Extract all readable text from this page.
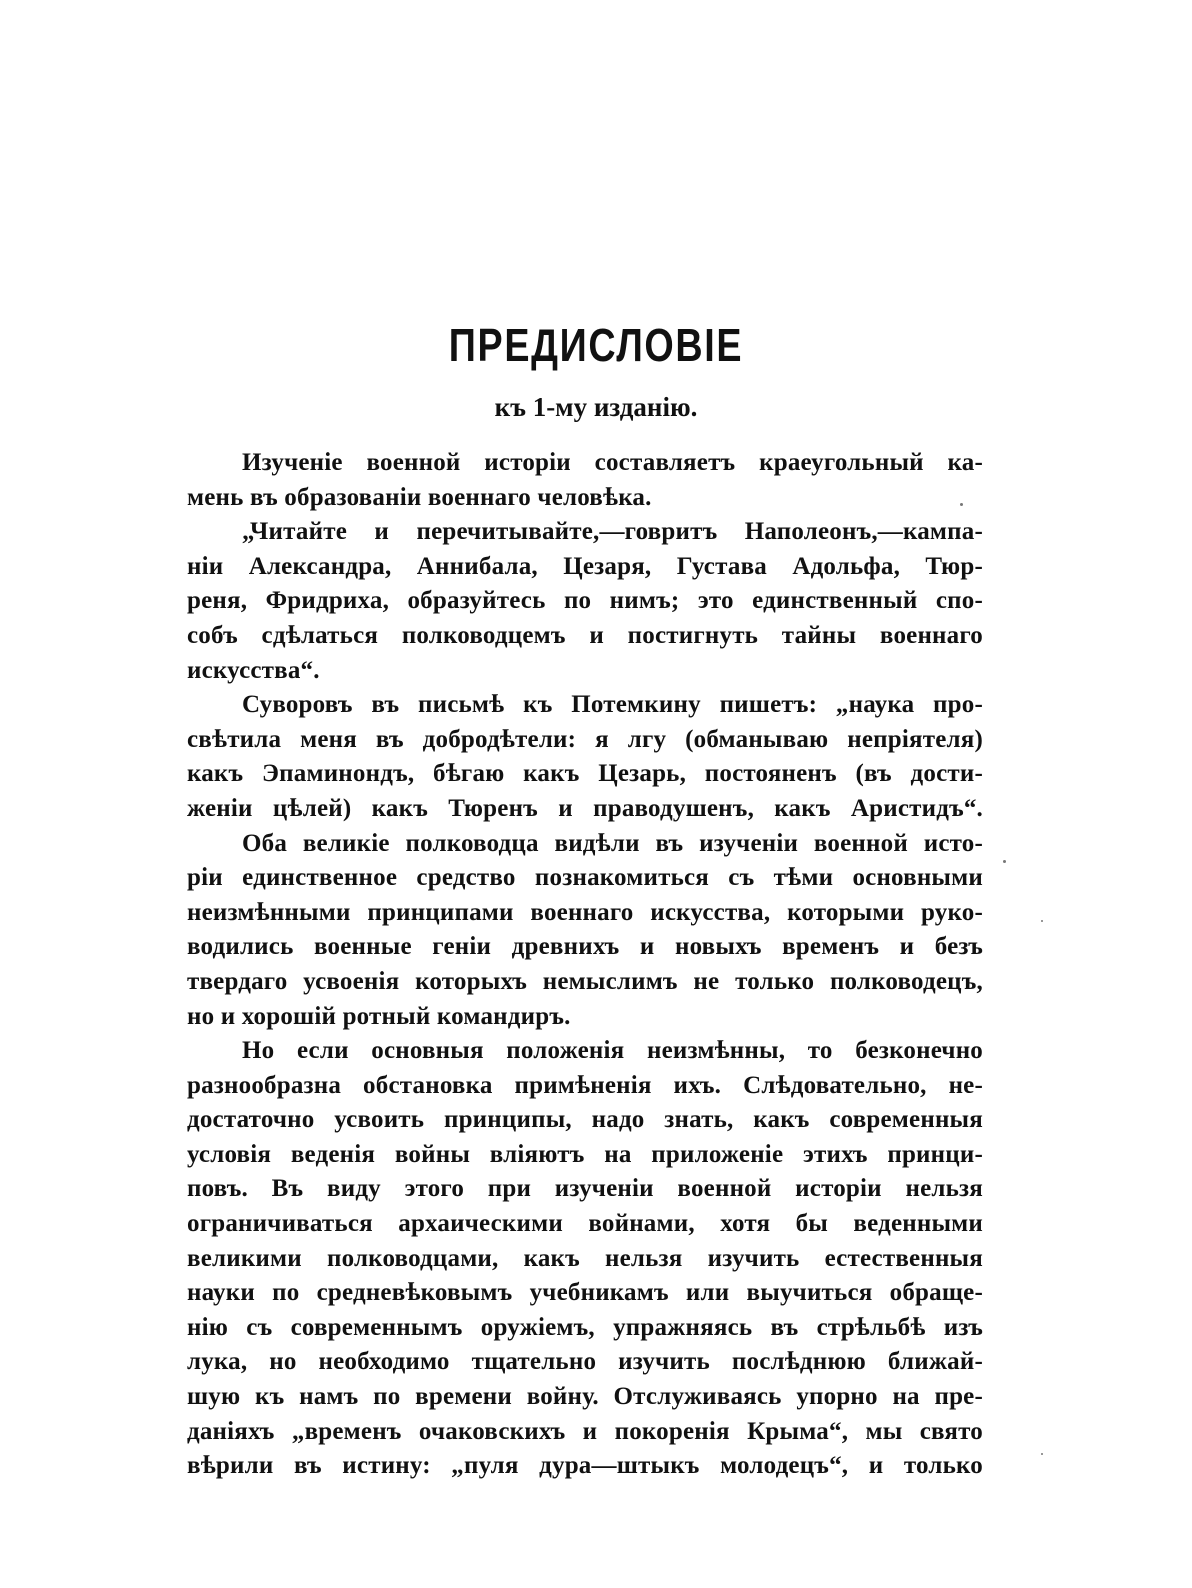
ПРЕДИСЛОВІЕ
къ 1-му изданію.
Изученіе военной исторіи составляетъ краеугольный ка-
мень въ образованіи военнаго человѣка.
„Читайте и перечитывайте,—говритъ Наполеонъ,—кампа-
ніи Александра, Аннибала, Цезаря, Густава Адольфа, Тюр-
реня, Фридриха, образуйтесь по нимъ; это единственный спо-
собъ сдѣлаться полководцемъ и постигнуть тайны военнаго
искусства“.
Суворовъ въ письмѣ къ Потемкину пишетъ: „наука про-
свѣтила меня въ добродѣтели: я лгу (обманываю непріятеля)
какъ Эпаминондъ, бѣгаю какъ Цезарь, постояненъ (въ дости-
женіи цѣлей) какъ Тюренъ и праводушенъ, какъ Аристидъ“.
Оба великіе полководца видѣли въ изученіи военной исто-
ріи единственное средство познакомиться съ тѣми основными
неизмѣнными принципами военнаго искусства, которыми руко-
водились военные геніи древнихъ и новыхъ временъ и безъ
твердаго усвоенія которыхъ немыслимъ не только полководецъ,
но и хорошій ротный командиръ.
Но если основныя положенія неизмѣнны, то безконечно
разнообразна обстановка примѣненія ихъ. Слѣдовательно, не-
достаточно усвоить принципы, надо знать, какъ современныя
условія веденія войны вліяютъ на приложеніе этихъ принци-
повъ. Въ виду этого при изученіи военной исторіи нельзя
ограничиваться архаическими войнами, хотя бы веденными
великими полководцами, какъ нельзя изучить естественныя
науки по средневѣковымъ учебникамъ или выучиться обраще-
нію съ современнымъ оружіемъ, упражняясь въ стрѣльбѣ изъ
лука, но необходимо тщательно изучить послѣднюю ближай-
шую къ намъ по времени войну. Отслуживаясь упорно на пре-
даніяхъ „временъ очаковскихъ и покоренія Крыма“, мы свято
вѣрили въ истину: „пуля дура—штыкъ молодецъ“, и только
